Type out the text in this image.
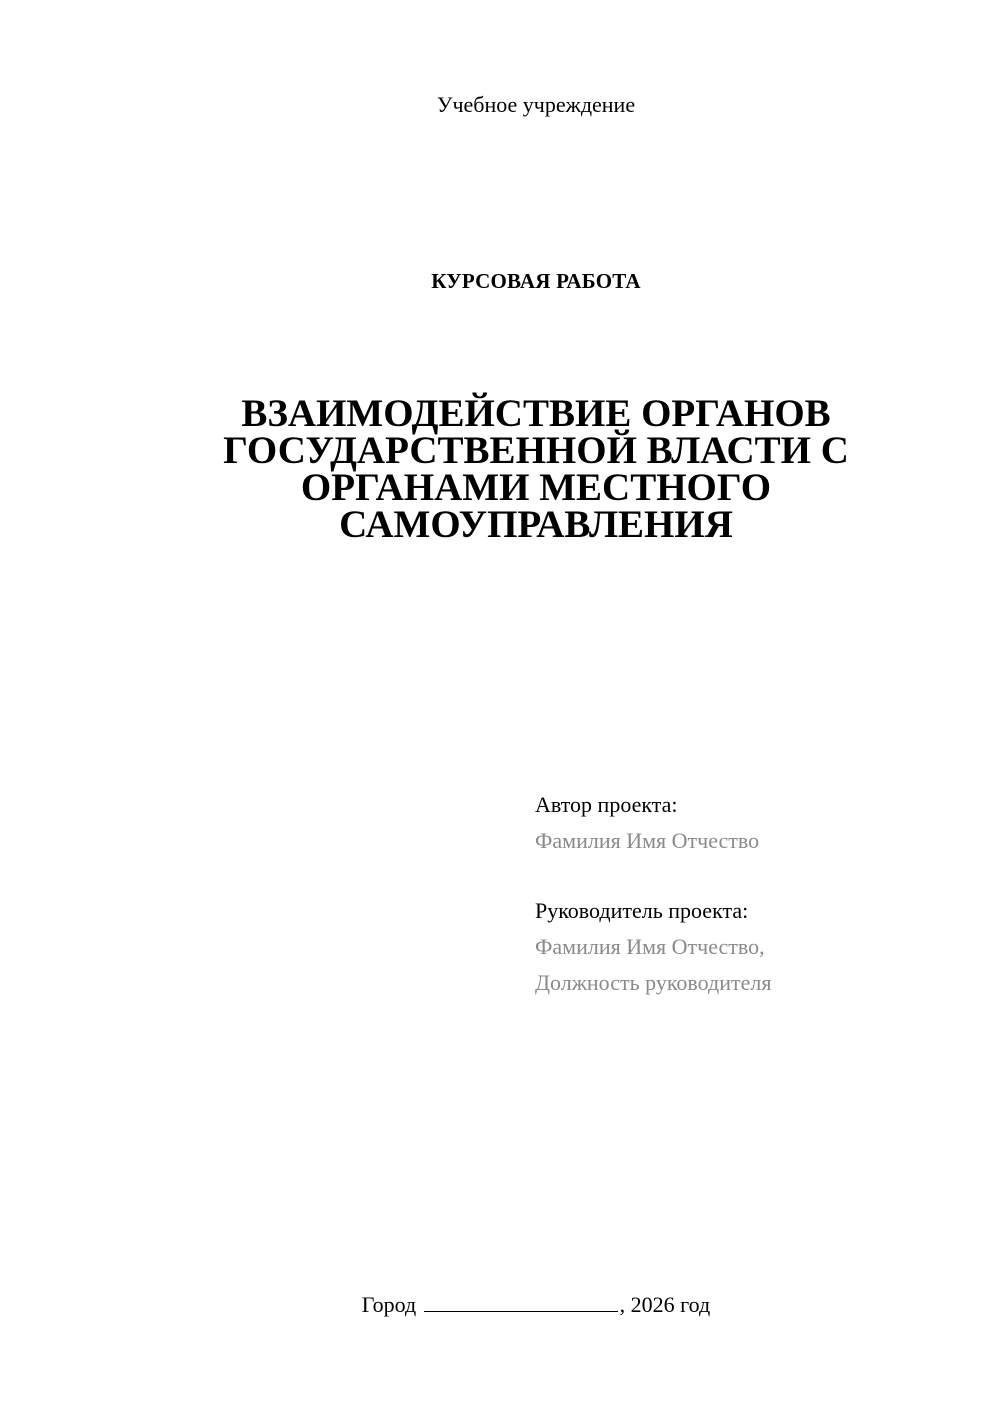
Учебное учреждение
КУРСОВАЯ РАБОТА
ВЗАИМОДЕЙСТВИЕ ОРГАНОВ
ГОСУДАРСТВЕННОЙ ВЛАСТИ С
ОРГАНАМИ МЕСТНОГО
САМОУПРАВЛЕНИЯ
Автор проекта:
Фамилия Имя Отчество
Руководитель проекта:
Фамилия Имя Отчество,
Должность руководителя
Город	, 2026 год
